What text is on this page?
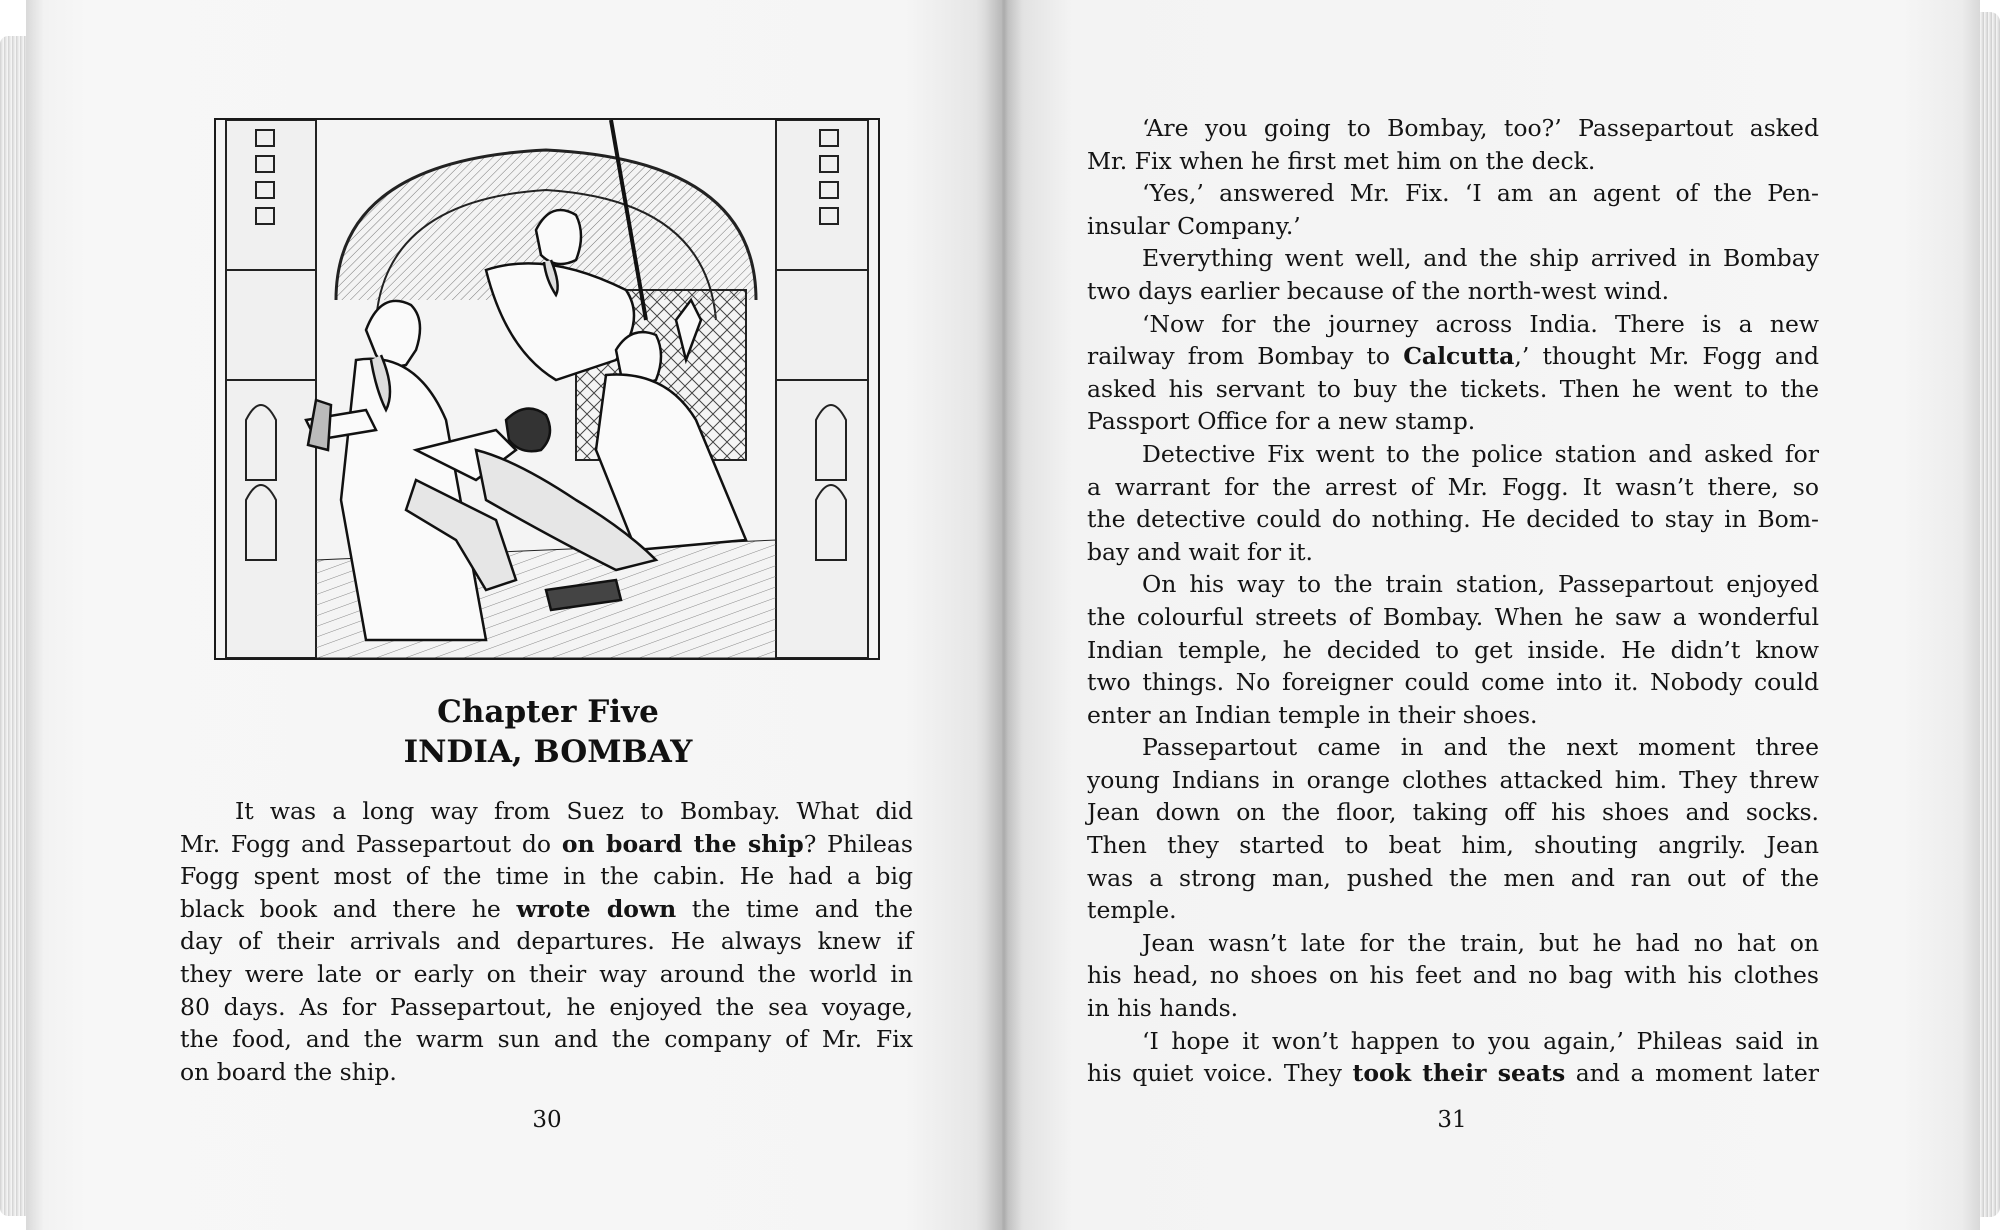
Chapter Five
INDIA, BOMBAY
It was a long way from Suez to Bombay. What did
Mr. Fogg and Passepartout do on board the ship? Phileas
Fogg spent most of the time in the cabin. He had a big
black book and there he wrote down the time and the
day of their arrivals and departures. He always knew if
they were late or early on their way around the world in
80 days. As for Passepartout, he enjoyed the sea voyage,
the food, and the warm sun and the company of Mr. Fix
on board the ship.
‘Are you going to Bombay, too?’ Passepartout asked
Mr. Fix when he first met him on the deck.
‘Yes,’ answered Mr. Fix. ‘I am an agent of the Pen-
insular Company.’
Everything went well, and the ship arrived in Bombay
two days earlier because of the north-west wind.
‘Now for the journey across India. There is a new
railway from Bombay to Calcutta,’ thought Mr. Fogg and
asked his servant to buy the tickets. Then he went to the
Passport Office for a new stamp.
Detective Fix went to the police station and asked for
a warrant for the arrest of Mr. Fogg. It wasn’t there, so
the detective could do nothing. He decided to stay in Bom-
bay and wait for it.
On his way to the train station, Passepartout enjoyed
the colourful streets of Bombay. When he saw a wonderful
Indian temple, he decided to get inside. He didn’t know
two things. No foreigner could come into it. Nobody could
enter an Indian temple in their shoes.
Passepartout came in and the next moment three
young Indians in orange clothes attacked him. They threw
Jean down on the floor, taking off his shoes and socks.
Then they started to beat him, shouting angrily. Jean
was a strong man, pushed the men and ran out of the
temple.
Jean wasn’t late for the train, but he had no hat on
his head, no shoes on his feet and no bag with his clothes
in his hands.
‘I hope it won’t happen to you again,’ Phileas said in
his quiet voice. They took their seats and a moment later
30	31
